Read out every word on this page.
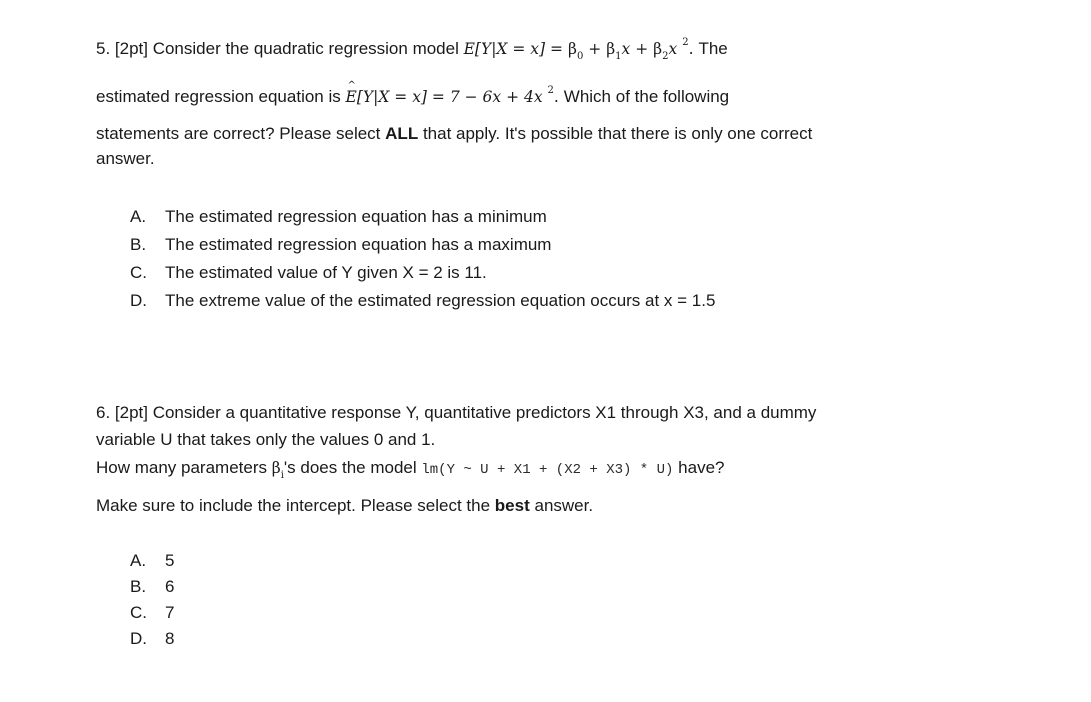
5. [2pt] Consider the quadratic regression model $E[Y|X = x] = \beta_0 + \beta_1x + \beta_2x$ $^2$. The
estimated regression equation is ^ E[Y|X = x] = 7 − 6x + 4x $^2$. Which of the following
statements are correct? Please select ALL that apply. It's possible that there is only one correct
answer.
A. The estimated regression equation has a minimum
B. The estimated regression equation has a maximum
C. The estimated value of Y given X = 2 is 11.
D. The extreme value of the estimated regression equation occurs at x = 1.5
6. [2pt] Consider a quantitative response Y, quantitative predictors X1 through X3, and a dummy
variable U that takes only the values 0 and 1.
How many parameters $\beta_i's$ does the model lm(Y ~ U + X1 + (X2 + X3) * U) have?
Make sure to include the intercept. Please select the best answer.
A. 5
B. 6
C. 7
D. 8
